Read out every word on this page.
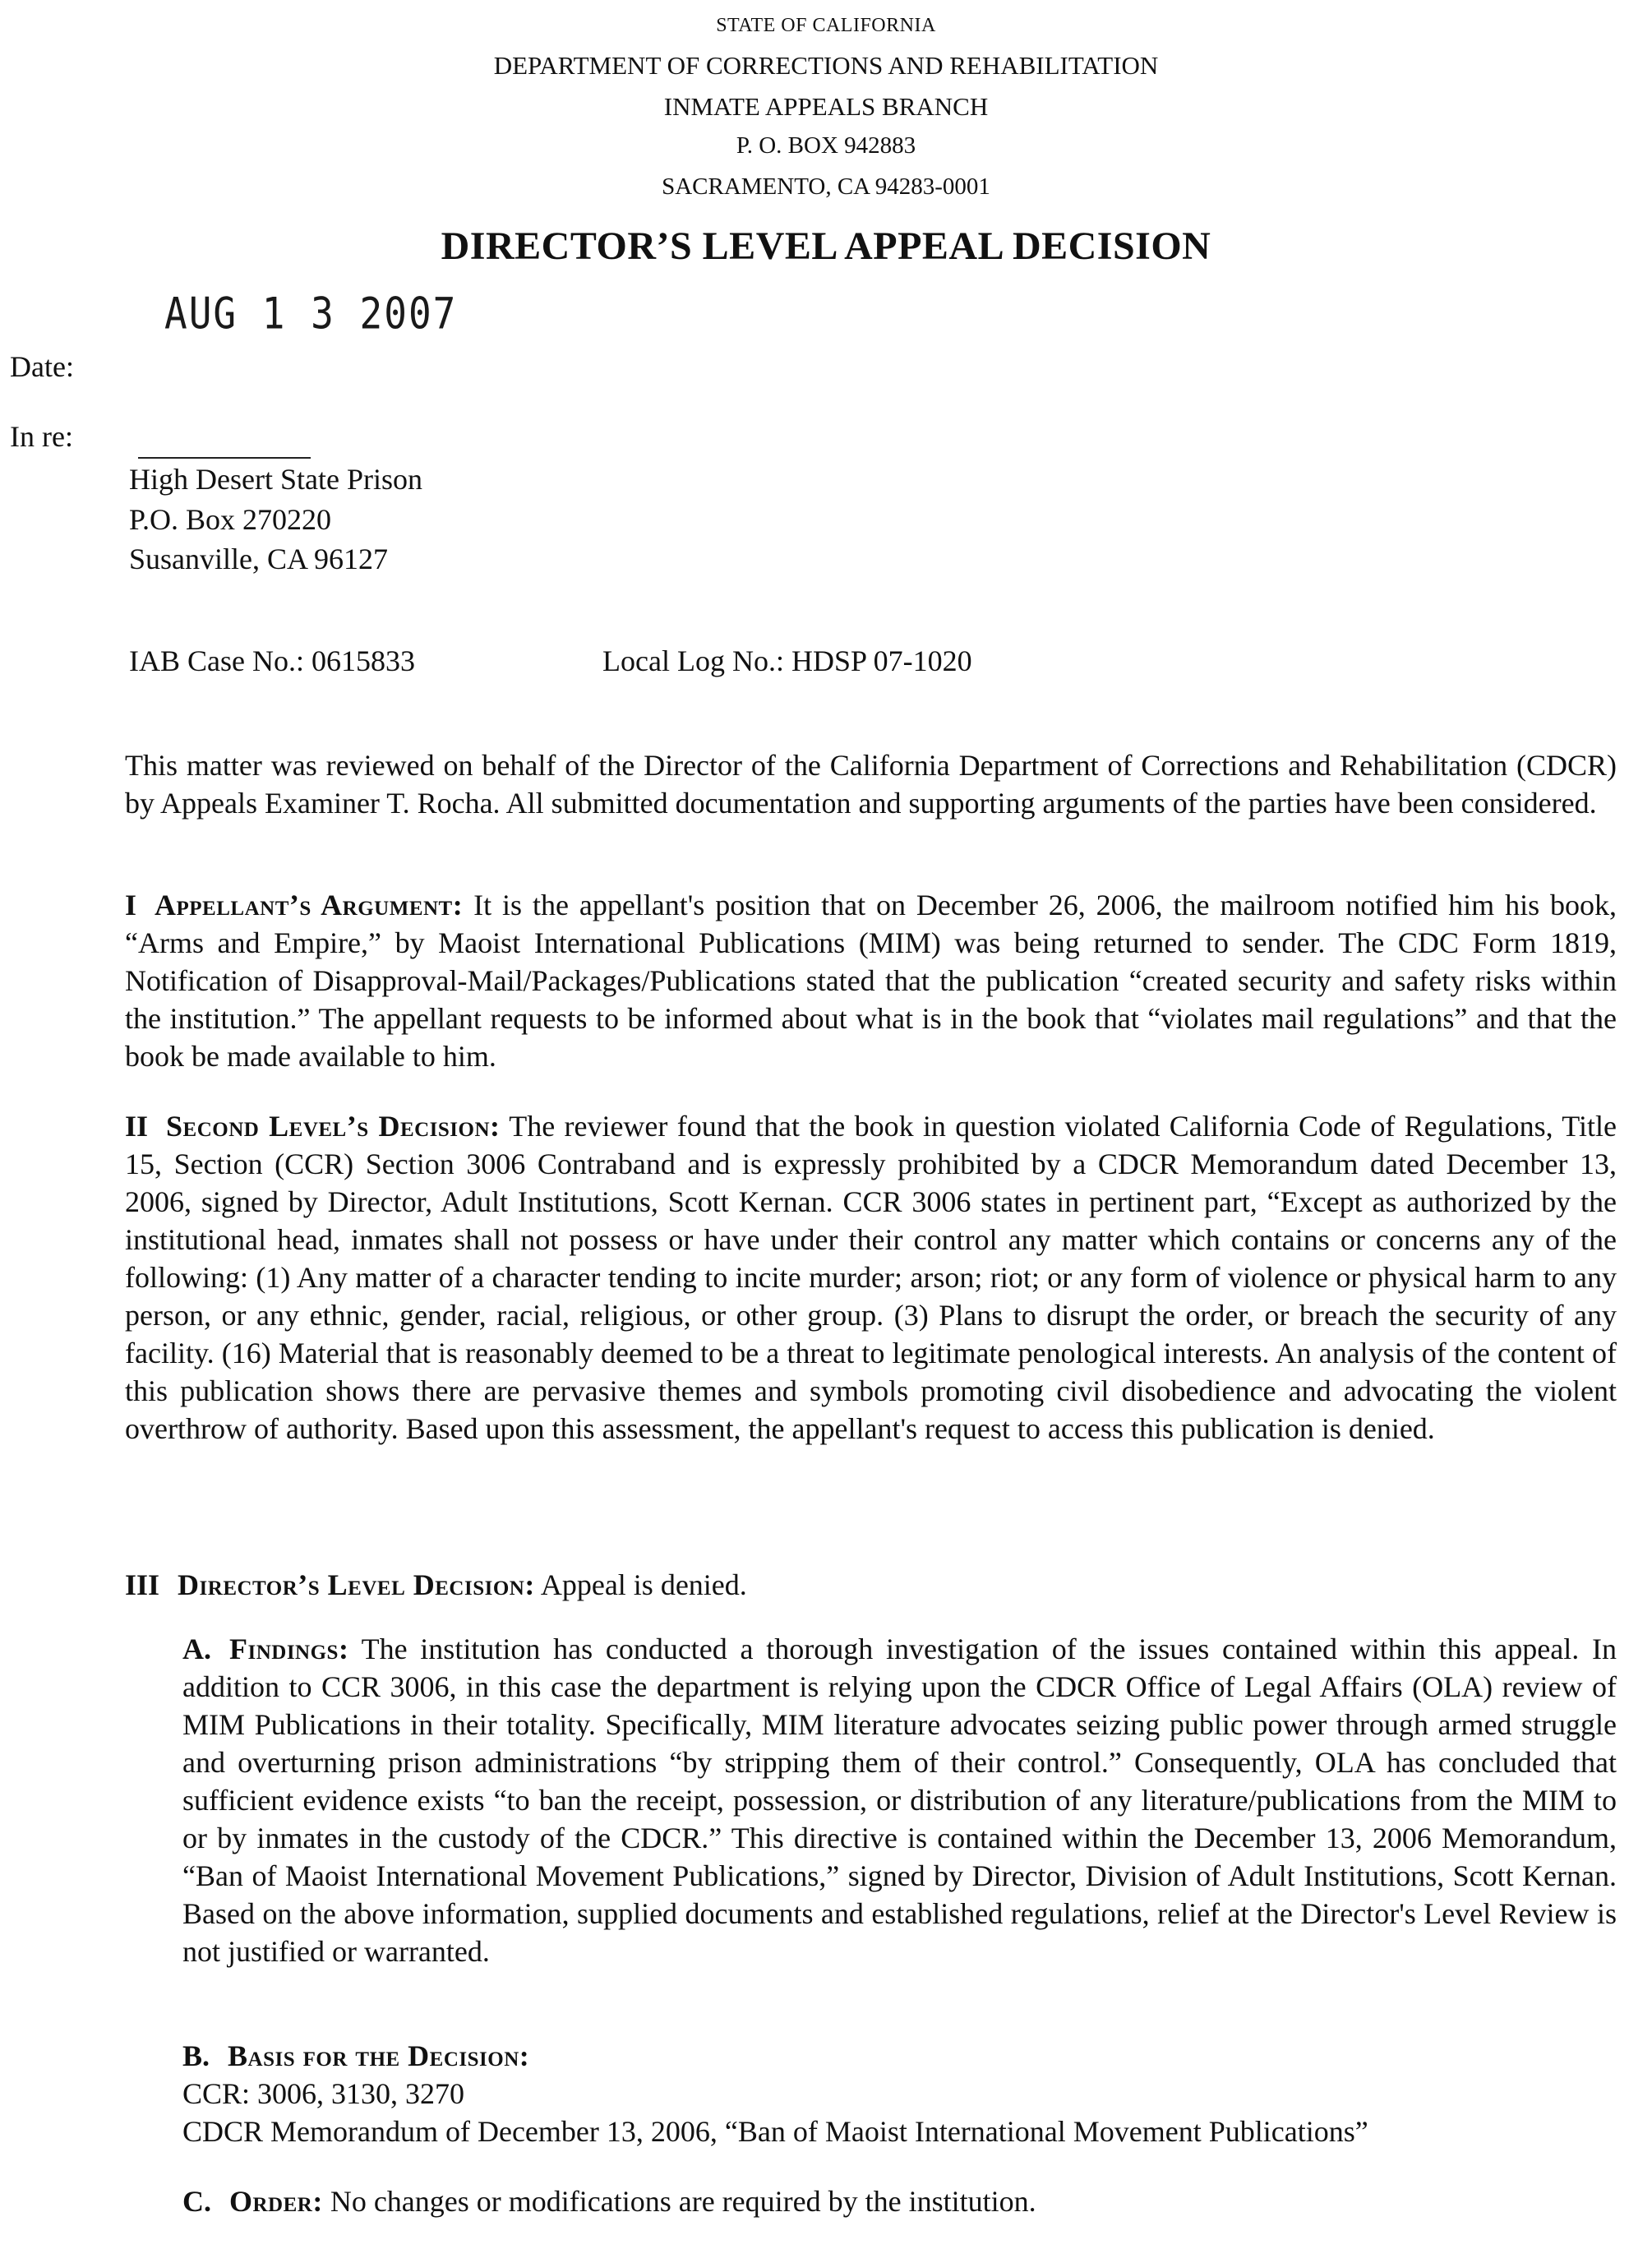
STATE OF CALIFORNIA
DEPARTMENT OF CORRECTIONS AND REHABILITATION
INMATE APPEALS BRANCH
P. O. BOX 942883
SACRAMENTO, CA 94283-0001
DIRECTOR’S LEVEL APPEAL DECISION
AUG 1 3 2007
Date:
In re:
High Desert State Prison
P.O. Box 270220
Susanville, CA 96127
IAB Case No.: 0615833	Local Log No.: HDSP 07-1020
This matter was reviewed on behalf of the Director of the California Department of Corrections and Rehabilitation (CDCR) by Appeals Examiner T. Rocha. All submitted documentation and supporting arguments of the parties have been considered.
I Appellant’s Argument: It is the appellant's position that on December 26, 2006, the mailroom notified him his book, “Arms and Empire,” by Maoist International Publications (MIM) was being returned to sender. The CDC Form 1819, Notification of Disapproval-Mail/Packages/Publications stated that the publication “created security and safety risks within the institution.” The appellant requests to be informed about what is in the book that “violates mail regulations” and that the book be made available to him.
II Second Level’s Decision: The reviewer found that the book in question violated California Code of Regulations, Title 15, Section (CCR) Section 3006 Contraband and is expressly prohibited by a CDCR Memorandum dated December 13, 2006, signed by Director, Adult Institutions, Scott Kernan. CCR 3006 states in pertinent part, “Except as authorized by the institutional head, inmates shall not possess or have under their control any matter which contains or concerns any of the following: (1) Any matter of a character tending to incite murder; arson; riot; or any form of violence or physical harm to any person, or any ethnic, gender, racial, religious, or other group. (3) Plans to disrupt the order, or breach the security of any facility. (16) Material that is reasonably deemed to be a threat to legitimate penological interests. An analysis of the content of this publication shows there are pervasive themes and symbols promoting civil disobedience and advocating the violent overthrow of authority. Based upon this assessment, the appellant's request to access this publication is denied.
III Director’s Level Decision: Appeal is denied.
A. Findings: The institution has conducted a thorough investigation of the issues contained within this appeal. In addition to CCR 3006, in this case the department is relying upon the CDCR Office of Legal Affairs (OLA) review of MIM Publications in their totality. Specifically, MIM literature advocates seizing public power through armed struggle and overturning prison administrations “by stripping them of their control.” Consequently, OLA has concluded that sufficient evidence exists “to ban the receipt, possession, or distribution of any literature/publications from the MIM to or by inmates in the custody of the CDCR.” This directive is contained within the December 13, 2006 Memorandum, “Ban of Maoist International Movement Publications,” signed by Director, Division of Adult Institutions, Scott Kernan. Based on the above information, supplied documents and established regulations, relief at the Director's Level Review is not justified or warranted.
B. Basis for the Decision:
CCR: 3006, 3130, 3270
CDCR Memorandum of December 13, 2006, “Ban of Maoist International Movement Publications”
C. Order: No changes or modifications are required by the institution.
